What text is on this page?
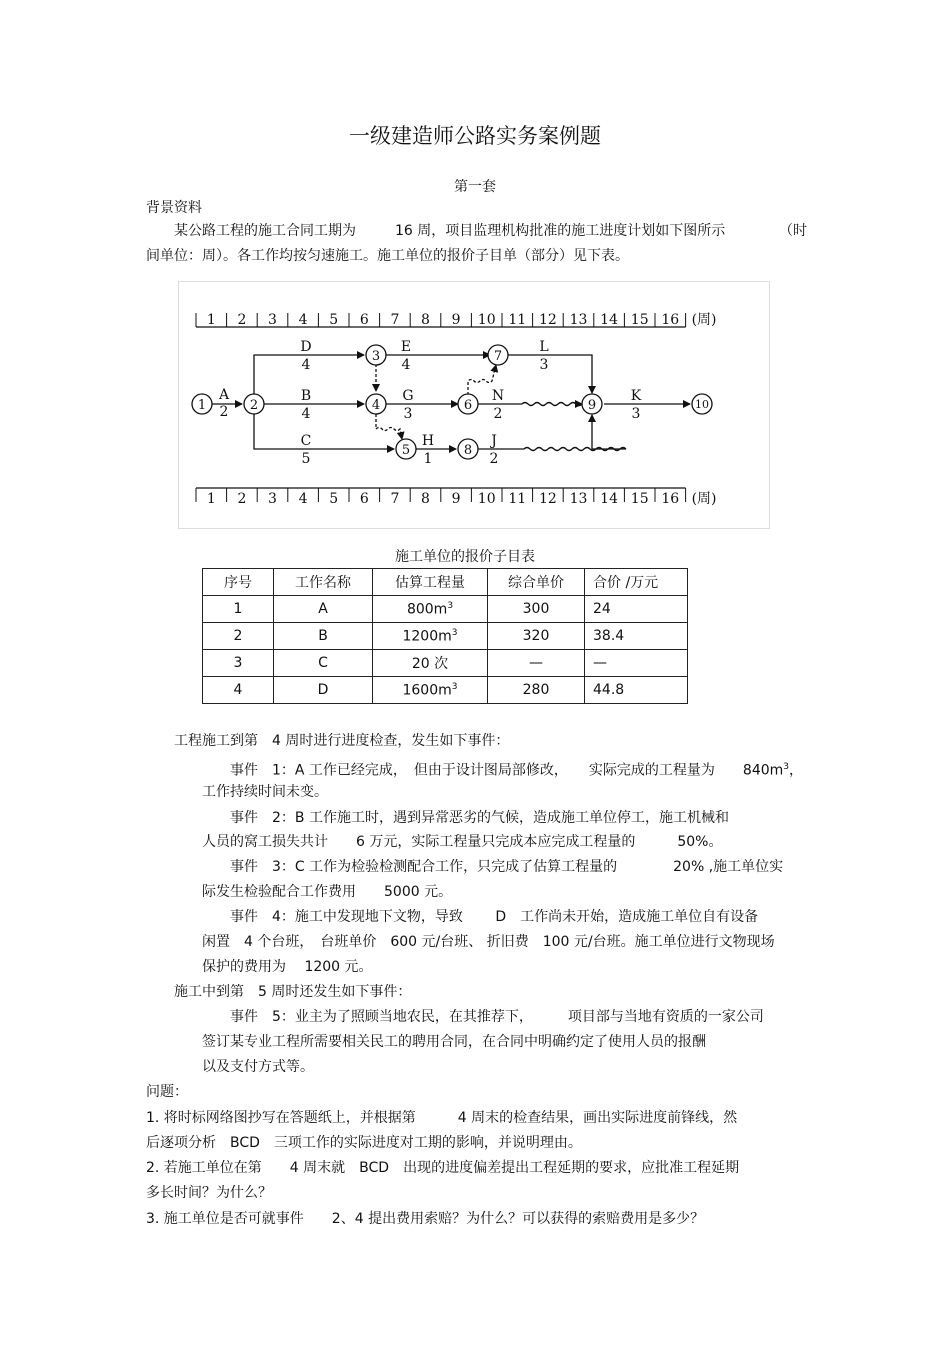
一级建造师公路实务案例题
第一套
背景资料
某公路工程的施工合同工期为	16 周，项目监理机构批准的施工进度计划如下图所示	（时
间单位：周）。各工作均按匀速施工。施工单位的报价子目单（部分）见下表。
1 2 3 4 5 6 7 8 9 10 11 12 13 14 15 16 (周)
1 2 3 4 5 6 7 8 9 10 11 12 13 14 15 16 (周)
1	2
3
4
5
6
7
8
9	10
A
2
D
4
E
4
L
3
B
4
G
3
N
2
K
3
C
5
H
1
J
2
施工单位的报价子目表
序号	工作名称	估算工程量	综合单价	合价 /万元
1	A	$800m^3$	300	24
2	B	$1200m^3$	320	38.4
3	C	20 次	—	—
4	D	$1600m^3$	280	44.8
工程施工到第　4 周时进行进度检查，发生如下事件：
事件　1：A 工作已经完成，　但由于设计图局部修改，　　实际完成的工程量为　　$840m^3$，
工作持续时间未变。
事件　2：B 工作施工时，遇到异常恶劣的气候，造成施工单位停工，施工机械和
人员的窝工损失共计　　6 万元，实际工程量只完成本应完成工程量的　　　50%。
事件　3：C 工作为检验检测配合工作，只完成了估算工程量的　　　　20% ,施工单位实
际发生检验配合工作费用　　5000 元。
事件　4：施工中发现地下文物，导致　　 D　工作尚未开始，造成施工单位自有设备
闲置　4 个台班，　台班单价　600 元/台班、 折旧费　100 元/台班。施工单位进行文物现场
保护的费用为　 1200 元。
施工中到第　5 周时还发生如下事件：
事件　5：业主为了照顾当地农民，在其推荐下，　　　项目部与当地有资质的一家公司
签订某专业工程所需要相关民工的聘用合同，在合同中明确约定了使用人员的报酬
以及支付方式等。
问题：
1. 将时标网络图抄写在答题纸上，并根据第　　　4 周末的检查结果，画出实际进度前锋线，然
后逐项分析　BCD　三项工作的实际进度对工期的影响，并说明理由。
2. 若施工单位在第　　4 周末就　BCD　出现的进度偏差提出工程延期的要求，应批准工程延期
多长时间？为什么？
3. 施工单位是否可就事件　　2、4 提出费用索赔？为什么？可以获得的索赔费用是多少？
